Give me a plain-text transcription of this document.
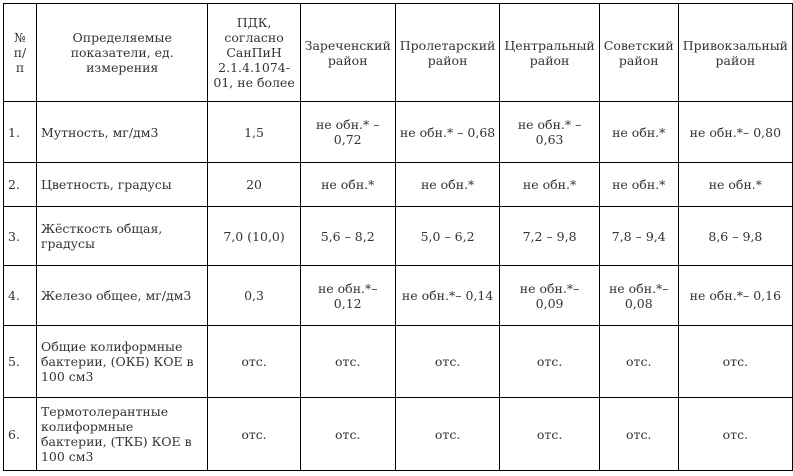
№ п/п	Определяемые показатели, ед. измерения	ПДК, согласно СанПиН 2.1.4.1074-01, не более	Зареченский район	Пролетарский район	Центральный район	Советский район	Привокзальный район
1.	Мутность, мг/дм3	1,5	не обн.* – 0,72	не обн.* – 0,68	не обн.* – 0,63	не обн.*	не обн.*– 0,80
2.	Цветность, градусы	20	не обн.*	не обн.*	не обн.*	не обн.*	не обн.*
3.	Жёсткость общая, градусы	7,0 (10,0)	5,6 – 8,2	5,0 – 6,2	7,2 – 9,8	7,8 – 9,4	8,6 – 9,8
4.	Железо общее, мг/дм3	0,3	не обн.*– 0,12	не обн.*– 0,14	не обн.*– 0,09	не обн.*– 0,08	не обн.*– 0,16
5.	Общие колиформные бактерии, (ОКБ) КОЕ в 100 см3	отс.	отс.	отс.	отс.	отс.	отс.
6.	Термотолерантные колиформные бактерии, (ТКБ) КОЕ в 100 см3	отс.	отс.	отс.	отс.	отс.	отс.
